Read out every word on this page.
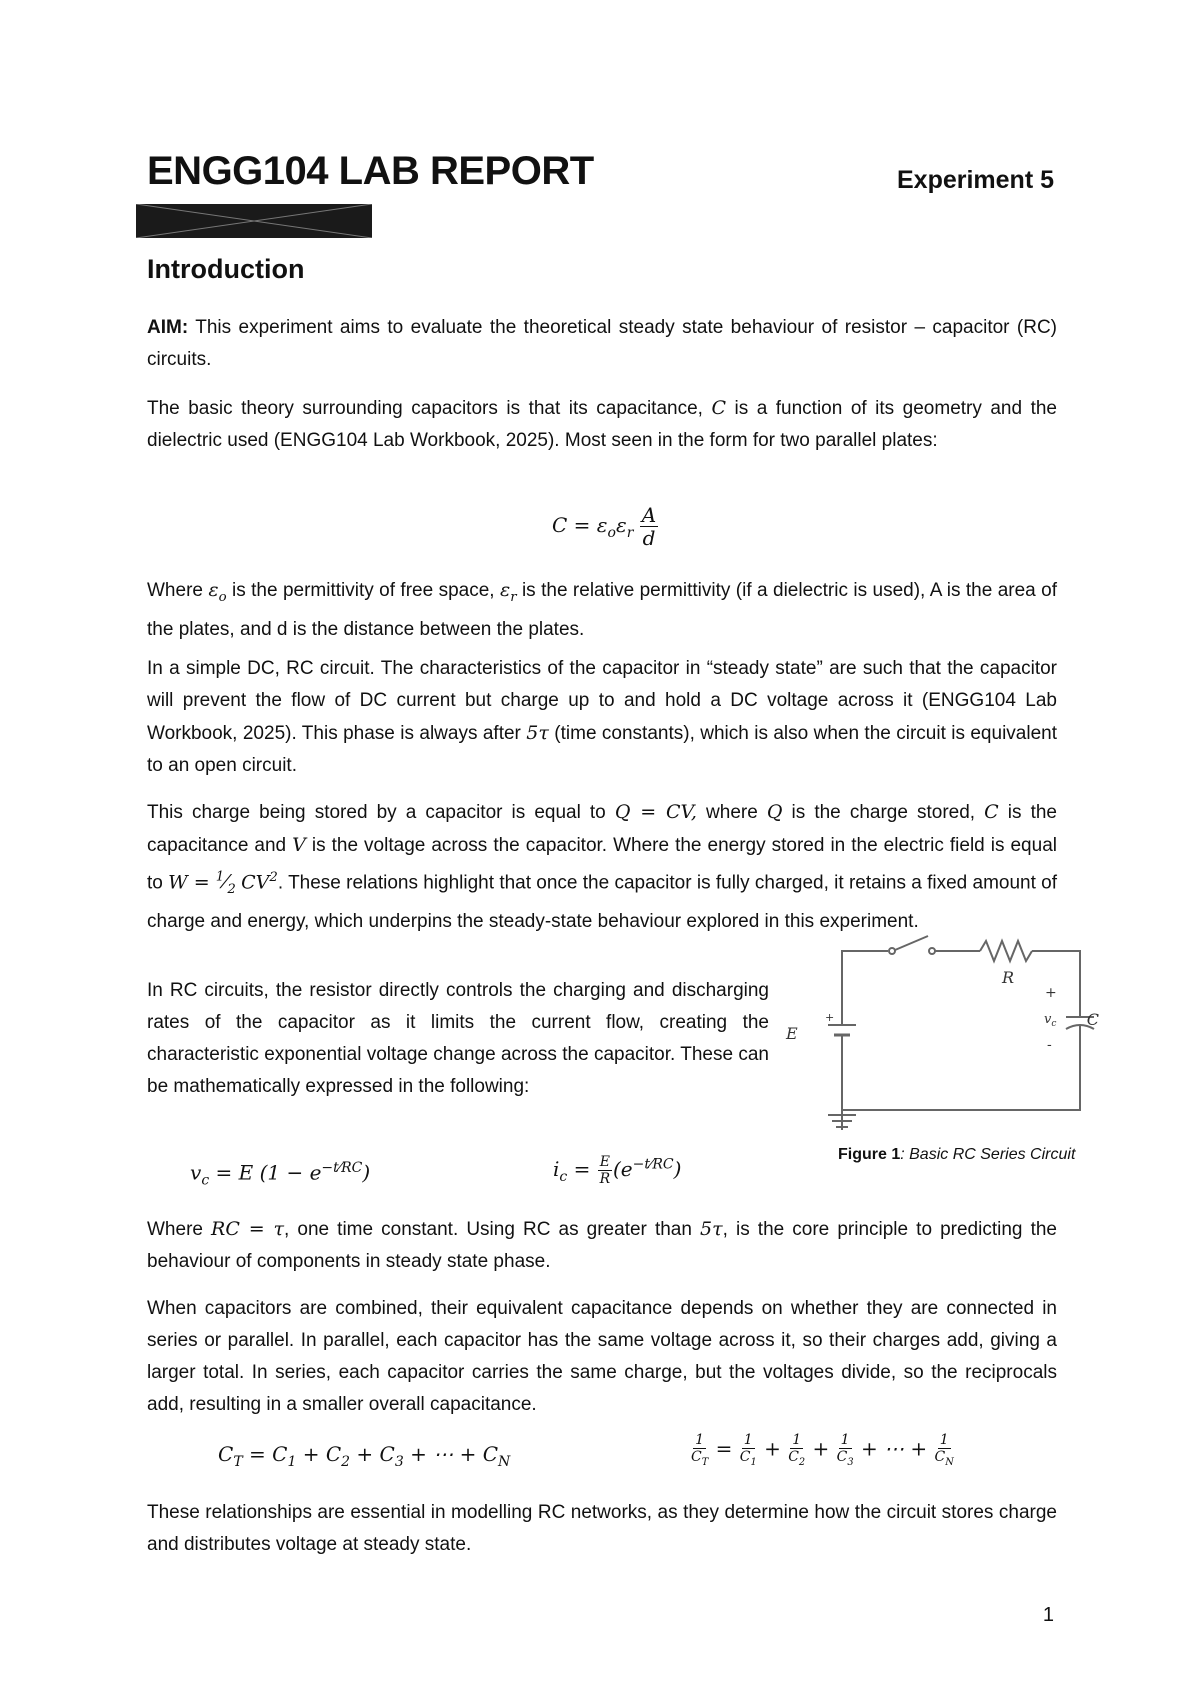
ENGG104 LAB REPORT	Experiment 5
Introduction
AIM: This experiment aims to evaluate the theoretical steady state behaviour of resistor – capacitor (RC) circuits.
The basic theory surrounding capacitors is that its capacitance, C is a function of its geometry and the dielectric used (ENGG104 Lab Workbook, 2025). Most seen in the form for two parallel plates:
$C = \varepsilon_o\varepsilon_r \frac{A}{d}$
Where $\varepsilon_o$ is the permittivity of free space, $\varepsilon_r$ is the relative permittivity (if a dielectric is used), A is the area of the plates, and d is the distance between the plates.
In a simple DC, RC circuit. The characteristics of the capacitor in “steady state” are such that the capacitor will prevent the flow of DC current but charge up to and hold a DC voltage across it (ENGG104 Lab Workbook, 2025). This phase is always after 5τ (time constants), which is also when the circuit is equivalent to an open circuit.
This charge being stored by a capacitor is equal to Q = CV, where Q is the charge stored, C is the capacitance and V is the voltage across the capacitor. Where the energy stored in the electric field is equal to $W = ^1⁄_2$ $CV^2$. These relations highlight that once the capacitor is fully charged, it retains a fixed amount of charge and energy, which underpins the steady-state behaviour explored in this experiment.
In RC circuits, the resistor directly controls the charging and discharging rates of the capacitor as it limits the current flow, creating the characteristic exponential voltage change across the capacitor. These can be mathematically expressed in the following:
R
E
C
$v_c$
+
-
+
Figure 1: Basic RC Series Circuit
$v_c = E$ $(1 - e^{-t⁄RC})$	$i_c = \frac{E}{R} (e^{-t⁄RC})$
Where RC = τ, one time constant. Using RC as greater than 5τ, is the core principle to predicting the behaviour of components in steady state phase.
When capacitors are combined, their equivalent capacitance depends on whether they are connected in series or parallel. In parallel, each capacitor has the same voltage across it, so their charges add, giving a larger total. In series, each capacitor carries the same charge, but the voltages divide, so the reciprocals add, resulting in a smaller overall capacitance.
$C_T = C_1 + C_2 + C_3$ + ⋯ + $C_N$	$\frac{1}{C_T} = \frac{1}{C_1} + \frac{1}{C_2} + \frac{1}{C_3}$ + ⋯ + $\frac{1}{C_N}$
These relationships are essential in modelling RC networks, as they determine how the circuit stores charge and distributes voltage at steady state.
1
